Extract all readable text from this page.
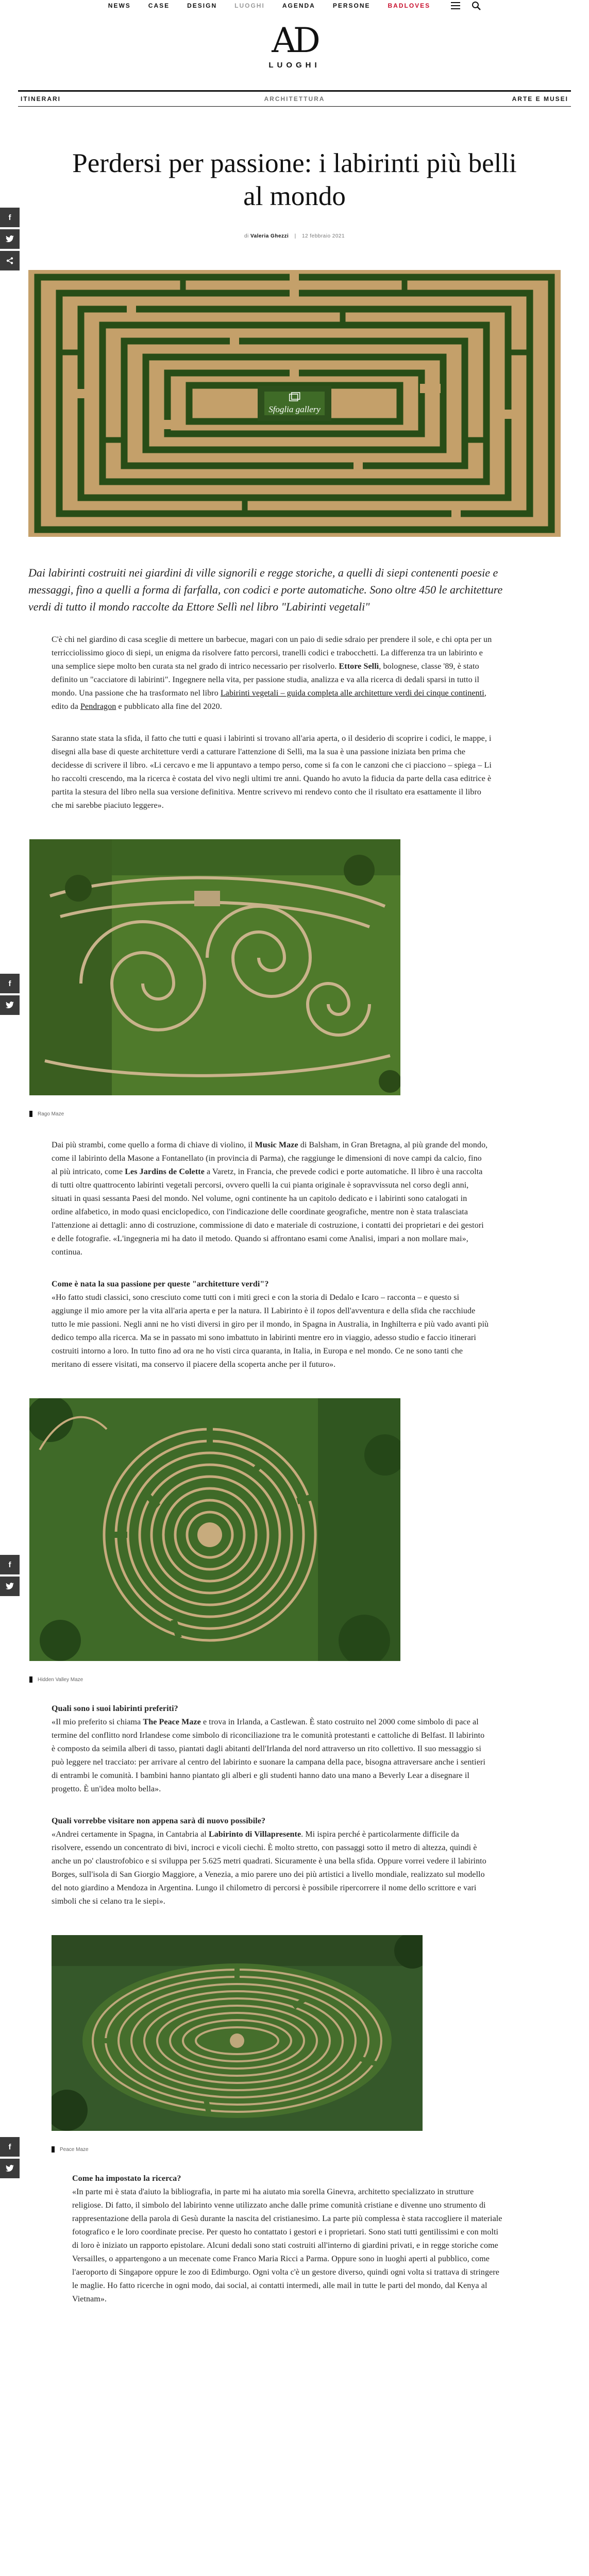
NEWS	CASE	DESIGN	LUOGHI	AGENDA	PERSONE	BADLOVES
AD
LUOGHI
ITINERARI	ARCHITETTURA	ARTE E MUSEI
Perdersi per passione: i labirinti più belli al mondo
di Valeria Ghezzi | 12 febbraio 2021
f
Sfoglia gallery

Dai labirinti costruiti nei giardini di ville signorili e regge storiche, a quelli di siepi contenenti poesie e messaggi, fino a quelli a forma di farfalla, con codici e porte automatiche. Sono oltre 450 le architetture verdi di tutto il mondo raccolte da Ettore Sellì nel libro "Labirinti vegetali"

C'è chi nel giardino di casa sceglie di mettere un barbecue, magari con un paio di sedie sdraio per prendere il sole, e chi opta per un terricciolissimo gioco di siepi, un enigma da risolvere fatto percorsi, tranelli codici e trabocchetti. La differenza tra un labirinto e una semplice siepe molto ben curata sta nel grado di intrico necessario per risolverlo. Ettore Sellì, bolognese, classe '89, è stato definito un "cacciatore di labirinti". Ingegnere nella vita, per passione studia, analizza e va alla ricerca di dedali sparsi in tutto il mondo. Una passione che ha trasformato nel libro Labirinti vegetali – guida completa alle architetture verdi dei cinque continenti, edito da Pendragon e pubblicato alla fine del 2020.

Saranno state stata la sfida, il fatto che tutti e quasi i labirinti si trovano all'aria aperta, o il desiderio di scoprire i codici, le mappe, i disegni alla base di queste architetture verdi a catturare l'attenzione di Sellì, ma la sua è una passione iniziata ben prima che decidesse di scrivere il libro. «Li cercavo e me li appuntavo a tempo perso, come si fa con le canzoni che ci piacciono – spiega – Li ho raccolti crescendo, ma la ricerca è costata del vivo negli ultimi tre anni. Quando ho avuto la fiducia da parte della casa editrice è partita la stesura del libro nella sua versione definitiva. Mentre scrivevo mi rendevo conto che il risultato era esattamente il libro che mi sarebbe piaciuto leggere».

f
Rago Maze

Dai più strambi, come quello a forma di chiave di violino, il Music Maze di Balsham, in Gran Bretagna, al più grande del mondo, come il labirinto della Masone a Fontanellato (in provincia di Parma), che raggiunge le dimensioni di nove campi da calcio, fino al più intricato, come Les Jardins de Colette a Varetz, in Francia, che prevede codici e porte automatiche. Il libro è una raccolta di tutti oltre quattrocento labirinti vegetali percorsi, ovvero quelli la cui pianta originale è sopravvissuta nel corso degli anni, situati in quasi sessanta Paesi del mondo. Nel volume, ogni continente ha un capitolo dedicato e i labirinti sono catalogati in ordine alfabetico, in modo quasi enciclopedico, con l'indicazione delle coordinate geografiche, mentre non è stata tralasciata l'attenzione ai dettagli: anno di costruzione, commissione di dato e materiale di costruzione, i contatti dei proprietari e dei gestori e delle fotografie. «L'ingegneria mi ha dato il metodo. Quando si affrontano esami come Analisi, impari a non mollare mai», continua.

Come è nata la sua passione per queste "architetture verdi"?

«Ho fatto studi classici, sono cresciuto come tutti con i miti greci e con la storia di Dedalo e Icaro – racconta – e questo si aggiunge il mio amore per la vita all'aria aperta e per la natura. Il Labirinto è il topos dell'avventura e della sfida che racchiude tutto le mie passioni. Negli anni ne ho visti diversi in giro per il mondo, in Spagna in Australia, in Inghilterra e più vado avanti più dedico tempo alla ricerca. Ma se in passato mi sono imbattuto in labirinti mentre ero in viaggio, adesso studio e faccio itinerari costruiti intorno a loro. In tutto fino ad ora ne ho visti circa quaranta, in Italia, in Europa e nel mondo. Ce ne sono tanti che meritano di essere visitati, ma conservo il piacere della scoperta anche per il futuro».

f
Hidden Valley Maze

Quali sono i suoi labirinti preferiti?

«Il mio preferito si chiama The Peace Maze e trova in Irlanda, a Castlewan. È stato costruito nel 2000 come simbolo di pace al termine del conflitto nord Irlandese come simbolo di riconciliazione tra le comunità protestanti e cattoliche di Belfast. Il labirinto è composto da seimila alberi di tasso, piantati dagli abitanti dell'Irlanda del nord attraverso un rito collettivo. Il suo messaggio si può leggere nel tracciato: per arrivare al centro del labirinto e suonare la campana della pace, bisogna attraversare anche i sentieri di entrambi le comunità. I bambini hanno piantato gli alberi e gli studenti hanno dato una mano a Beverly Lear a disegnare il progetto. È un'idea molto bella».

Quali vorrebbe visitare non appena sarà di nuovo possibile?

«Andrei certamente in Spagna, in Cantabria al Labirinto di Villapresente. Mi ispira perché è particolarmente difficile da risolvere, essendo un concentrato di bivi, incroci e vicoli ciechi. È molto stretto, con passaggi sotto il metro di altezza, quindi è anche un po' claustrofobico e si sviluppa per 5.625 metri quadrati. Sicuramente è una bella sfida. Oppure vorrei vedere il labirinto Borges, sull'isola di San Giorgio Maggiore, a Venezia, a mio parere uno dei più artistici a livello mondiale, realizzato sul modello del noto giardino a Mendoza in Argentina. Lungo il chilometro di percorsi è possibile ripercorrere il nome dello scrittore e vari simboli che si celano tra le siepi».

f	Peace Maze

Come ha impostato la ricerca?

«In parte mi è stata d'aiuto la bibliografia, in parte mi ha aiutato mia sorella Ginevra, architetto specializzato in strutture religiose. Di fatto, il simbolo del labirinto venne utilizzato anche dalle prime comunità cristiane e divenne uno strumento di rappresentazione della parola di Gesù durante la nascita del cristianesimo. La parte più complessa è stata raccogliere il materiale fotografico e le loro coordinate precise. Per questo ho contattato i gestori e i proprietari. Sono stati tutti gentilissimi e con molti di loro è iniziato un rapporto epistolare. Alcuni dedali sono stati costruiti all'interno di giardini privati, e in regge storiche come Versailles, o appartengono a un mecenate come Franco Maria Ricci a Parma. Oppure sono in luoghi aperti al pubblico, come l'aeroporto di Singapore oppure le zoo di Edimburgo. Ogni volta c'è un gestore diverso, quindi ogni volta si trattava di stringere le maglie. Ho fatto ricerche in ogni modo, dai social, ai contatti intermedi, alle mail in tutte le parti del mondo, dal Kenya al Vietnam».
